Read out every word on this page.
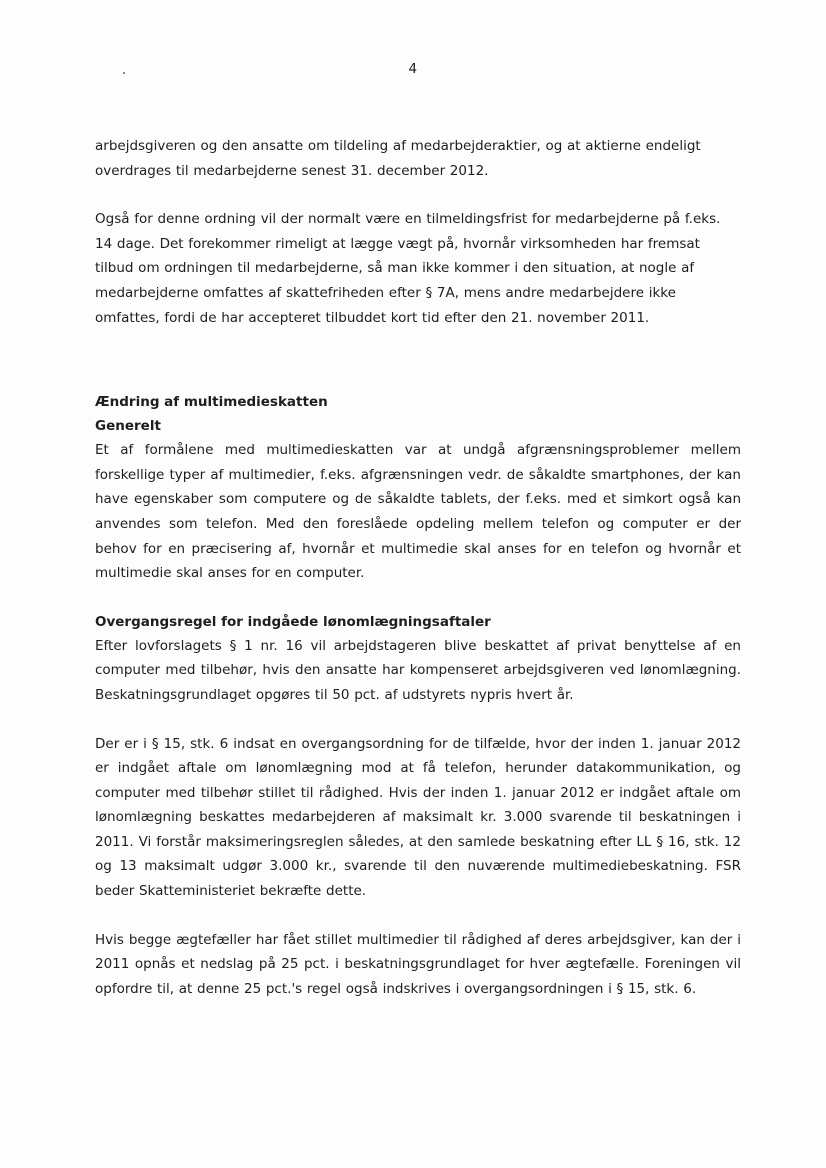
4

arbejdsgiveren og den ansatte om tildeling af medarbejderaktier, og at aktierne endeligt overdrages til medarbejderne senest 31. december 2012.

Også for denne ordning vil der normalt være en tilmeldingsfrist for medarbejderne på f.eks. 14 dage. Det forekommer rimeligt at lægge vægt på, hvornår virksomheden har fremsat tilbud om ordningen til medarbejderne, så man ikke kommer i den situation, at nogle af medarbejderne omfattes af skattefriheden efter § 7A, mens andre medarbejdere ikke omfattes, fordi de har accepteret tilbuddet kort tid efter den 21. november 2011.

Ændring af multimedieskatten

Generelt

Et af formålene med multimedieskatten var at undgå afgrænsningsproblemer mellem forskellige typer af multimedier, f.eks. afgrænsningen vedr. de såkaldte smartphones, der kan have egenskaber som computere og de såkaldte tablets, der f.eks. med et simkort også kan anvendes som telefon. Med den foreslåede opdeling mellem telefon og computer er der behov for en præcisering af, hvornår et multimedie skal anses for en telefon og hvornår et multimedie skal anses for en computer.

Overgangsregel for indgåede lønomlægningsaftaler

Efter lovforslagets § 1 nr. 16 vil arbejdstageren blive beskattet af privat benyttelse af en computer med tilbehør, hvis den ansatte har kompenseret arbejdsgiveren ved lønomlægning. Beskatningsgrundlaget opgøres til 50 pct. af udstyrets nypris hvert år.

Der er i § 15, stk. 6 indsat en overgangsordning for de tilfælde, hvor der inden 1. januar 2012 er indgået aftale om lønomlægning mod at få telefon, herunder datakommunikation, og computer med tilbehør stillet til rådighed. Hvis der inden 1. januar 2012 er indgået aftale om lønomlægning beskattes medarbejderen af maksimalt kr. 3.000 svarende til beskatningen i 2011. Vi forstår maksimeringsreglen således, at den samlede beskatning efter LL § 16, stk. 12 og 13 maksimalt udgør 3.000 kr., svarende til den nuværende multimediebeskatning. FSR beder Skatteministeriet bekræfte dette.

Hvis begge ægtefæller har fået stillet multimedier til rådighed af deres arbejdsgiver, kan der i 2011 opnås et nedslag på 25 pct. i beskatningsgrundlaget for hver ægtefælle. Foreningen vil opfordre til, at denne 25 pct.'s regel også indskrives i overgangsordningen i § 15, stk. 6.
